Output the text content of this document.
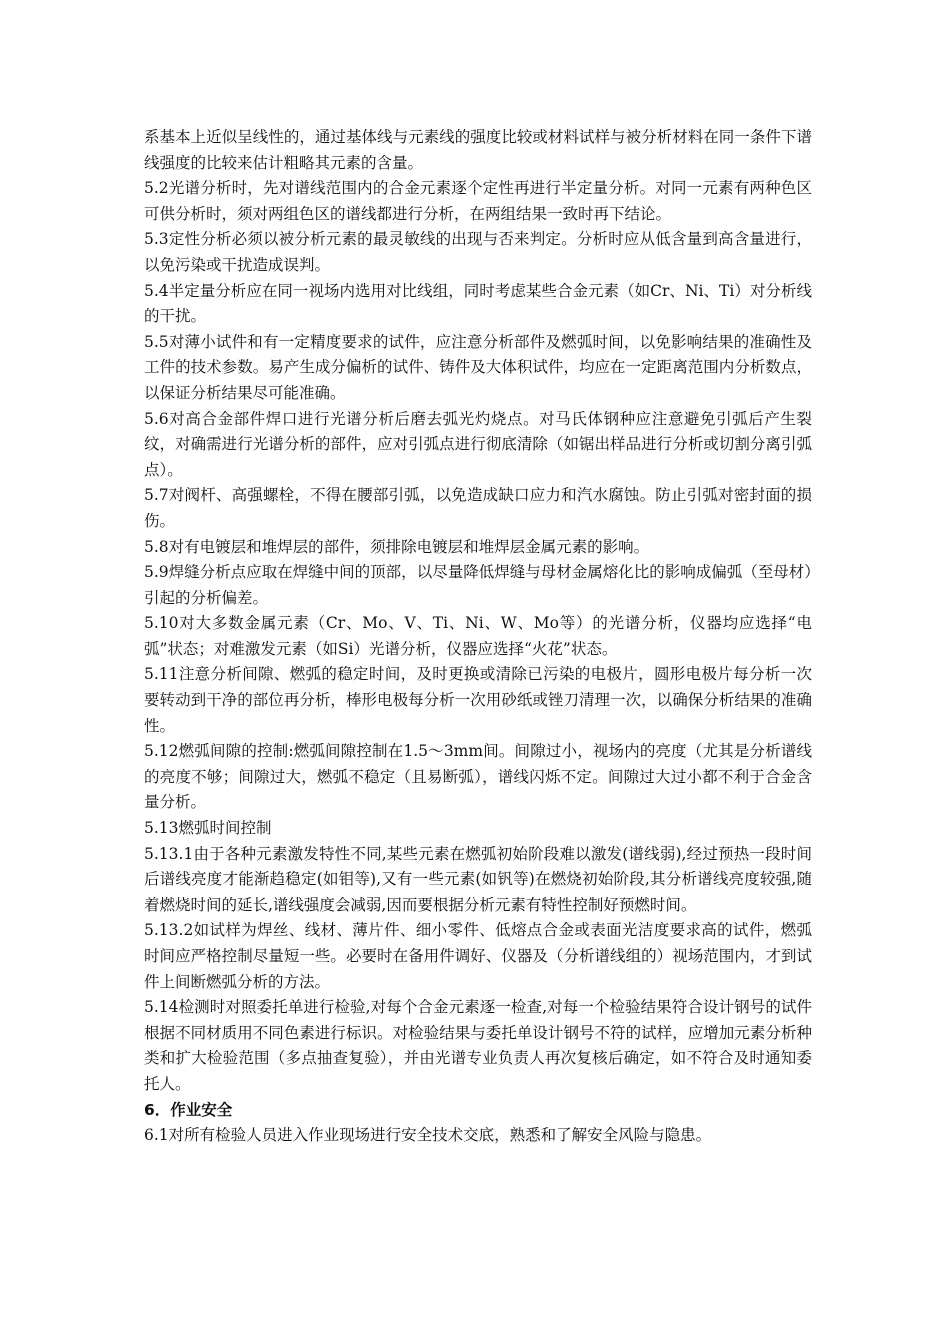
系基本上近似呈线性的，通过基体线与元素线的强度比较或材料试样与被分析材料在同一条件下谱线强度的比较来估计粗略其元素的含量。

5.2光谱分析时，先对谱线范围内的合金元素逐个定性再进行半定量分析。对同一元素有两种色区可供分析时，须对两组色区的谱线都进行分析，在两组结果一致时再下结论。

5.3定性分析必须以被分析元素的最灵敏线的出现与否来判定。分析时应从低含量到高含量进行，以免污染或干扰造成误判。

5.4半定量分析应在同一视场内选用对比线组，同时考虑某些合金元素（如Cr、Ni、Ti）对分析线的干扰。

5.5对薄小试件和有一定精度要求的试件，应注意分析部件及燃弧时间，以免影响结果的准确性及工件的技术参数。易产生成分偏析的试件、铸件及大体积试件，均应在一定距离范围内分析数点，以保证分析结果尽可能准确。

5.6对高合金部件焊口进行光谱分析后磨去弧光灼烧点。对马氏体钢种应注意避免引弧后产生裂纹，对确需进行光谱分析的部件，应对引弧点进行彻底清除（如锯出样品进行分析或切割分离引弧点）。

5.7对阀杆、高强螺栓，不得在腰部引弧，以免造成缺口应力和汽水腐蚀。防止引弧对密封面的损伤。

5.8对有电镀层和堆焊层的部件，须排除电镀层和堆焊层金属元素的影响。

5.9焊缝分析点应取在焊缝中间的顶部，以尽量降低焊缝与母材金属熔化比的影响成偏弧（至母材）引起的分析偏差。

5.10对大多数金属元素（Cr、Mo、V、Ti、Ni、W、Mo等）的光谱分析，仪器均应选择“电弧”状态；对难激发元素（如Si）光谱分析，仪器应选择“火花”状态。

5.11注意分析间隙、燃弧的稳定时间，及时更换或清除已污染的电极片，圆形电极片每分析一次要转动到干净的部位再分析，棒形电极每分析一次用砂纸或锉刀清理一次，以确保分析结果的准确性。

5.12燃弧间隙的控制:燃弧间隙控制在1.5～3mm间。间隙过小，视场内的亮度（尤其是分析谱线的亮度不够；间隙过大，燃弧不稳定（且易断弧），谱线闪烁不定。间隙过大过小都不利于合金含量分析。

5.13燃弧时间控制

5.13.1由于各种元素激发特性不同,某些元素在燃弧初始阶段难以激发(谱线弱),经过预热一段时间后谱线亮度才能渐趋稳定(如钼等),又有一些元素(如钒等)在燃烧初始阶段,其分析谱线亮度较强,随着燃烧时间的延长,谱线强度会减弱,因而要根据分析元素有特性控制好预燃时间。

5.13.2如试样为焊丝、线材、薄片件、细小零件、低熔点合金或表面光洁度要求高的试件，燃弧时间应严格控制尽量短一些。必要时在备用件调好、仪器及（分析谱线组的）视场范围内，才到试件上间断燃弧分析的方法。

5.14检测时对照委托单进行检验,对每个合金元素逐一检查,对每一个检验结果符合设计钢号的试件根据不同材质用不同色素进行标识。对检验结果与委托单设计钢号不符的试样，应增加元素分析种类和扩大检验范围（多点抽查复验），并由光谱专业负责人再次复核后确定，如不符合及时通知委托人。

6．作业安全

6.1对所有检验人员进入作业现场进行安全技术交底，熟悉和了解安全风险与隐患。
